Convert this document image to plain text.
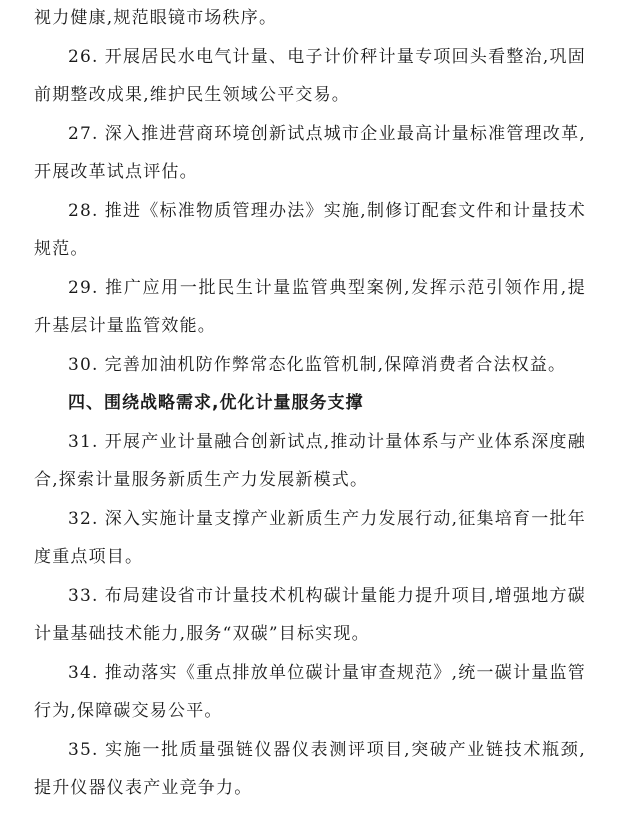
视力健康,规范眼镜市场秩序。

26. 开展居民水电气计量、电子计价秤计量专项回头看整治,巩固前期整改成果,维护民生领域公平交易。

27. 深入推进营商环境创新试点城市企业最高计量标准管理改革,开展改革试点评估。

28. 推进《标准物质管理办法》实施,制修订配套文件和计量技术规范。

29. 推广应用一批民生计量监管典型案例,发挥示范引领作用,提升基层计量监管效能。

30. 完善加油机防作弊常态化监管机制,保障消费者合法权益。

四、围绕战略需求,优化计量服务支撑

31. 开展产业计量融合创新试点,推动计量体系与产业体系深度融合,探索计量服务新质生产力发展新模式。

32. 深入实施计量支撑产业新质生产力发展行动,征集培育一批年度重点项目。

33. 布局建设省市计量技术机构碳计量能力提升项目,增强地方碳计量基础技术能力,服务“双碳”目标实现。

34. 推动落实《重点排放单位碳计量审查规范》,统一碳计量监管行为,保障碳交易公平。

35. 实施一批质量强链仪器仪表测评项目,突破产业链技术瓶颈,提升仪器仪表产业竞争力。
